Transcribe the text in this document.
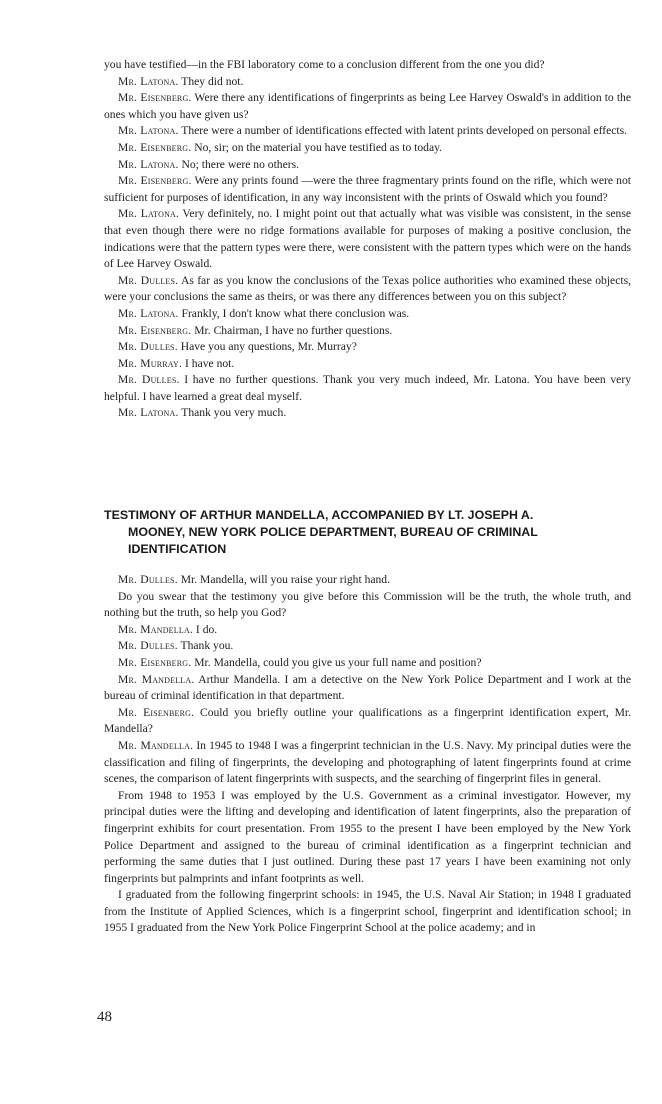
you have testified—in the FBI laboratory come to a conclusion different from the one you did?

Mr. Latona. They did not.

Mr. Eisenberg. Were there any identifications of fingerprints as being Lee Harvey Oswald's in addition to the ones which you have given us?

Mr. Latona. There were a number of identifications effected with latent prints developed on personal effects.

Mr. Eisenberg. No, sir; on the material you have testified as to today.

Mr. Latona. No; there were no others.

Mr. Eisenberg. Were any prints found —were the three fragmentary prints found on the rifle, which were not sufficient for purposes of identification, in any way inconsistent with the prints of Oswald which you found?

Mr. Latona. Very definitely, no. I might point out that actually what was visible was consistent, in the sense that even though there were no ridge formations available for purposes of making a positive conclusion, the indications were that the pattern types were there, were consistent with the pattern types which were on the hands of Lee Harvey Oswald.

Mr. Dulles. As far as you know the conclusions of the Texas police authorities who examined these objects, were your conclusions the same as theirs, or was there any differences between you on this subject?

Mr. Latona. Frankly, I don't know what there conclusion was.

Mr. Eisenberg. Mr. Chairman, I have no further questions.

Mr. Dulles. Have you any questions, Mr. Murray?

Mr. Murray. I have not.

Mr. Dulles. I have no further questions. Thank you very much indeed, Mr. Latona. You have been very helpful. I have learned a great deal myself.

Mr. Latona. Thank you very much.

TESTIMONY OF ARTHUR MANDELLA, ACCOMPANIED BY LT. JOSEPH A.
MOONEY, NEW YORK POLICE DEPARTMENT, BUREAU OF CRIMINAL
IDENTIFICATION

Mr. Dulles. Mr. Mandella, will you raise your right hand.

Do you swear that the testimony you give before this Commission will be the truth, the whole truth, and nothing but the truth, so help you God?

Mr. Mandella. I do.

Mr. Dulles. Thank you.

Mr. Eisenberg. Mr. Mandella, could you give us your full name and position?

Mr. Mandella. Arthur Mandella. I am a detective on the New York Police Department and I work at the bureau of criminal identification in that department.

Mr. Eisenberg. Could you briefly outline your qualifications as a fingerprint identification expert, Mr. Mandella?

Mr. Mandella. In 1945 to 1948 I was a fingerprint technician in the U.S. Navy. My principal duties were the classification and filing of fingerprints, the developing and photographing of latent fingerprints found at crime scenes, the comparison of latent fingerprints with suspects, and the searching of fingerprint files in general.

From 1948 to 1953 I was employed by the U.S. Government as a criminal investigator. However, my principal duties were the lifting and developing and identification of latent fingerprints, also the preparation of fingerprint exhibits for court presentation. From 1955 to the present I have been employed by the New York Police Department and assigned to the bureau of criminal identification as a fingerprint technician and performing the same duties that I just outlined. During these past 17 years I have been examining not only fingerprints but palmprints and infant footprints as well.

I graduated from the following fingerprint schools: in 1945, the U.S. Naval Air Station; in 1948 I graduated from the Institute of Applied Sciences, which is a fingerprint school, fingerprint and identification school; in 1955 I graduated from the New York Police Fingerprint School at the police academy; and in

48
